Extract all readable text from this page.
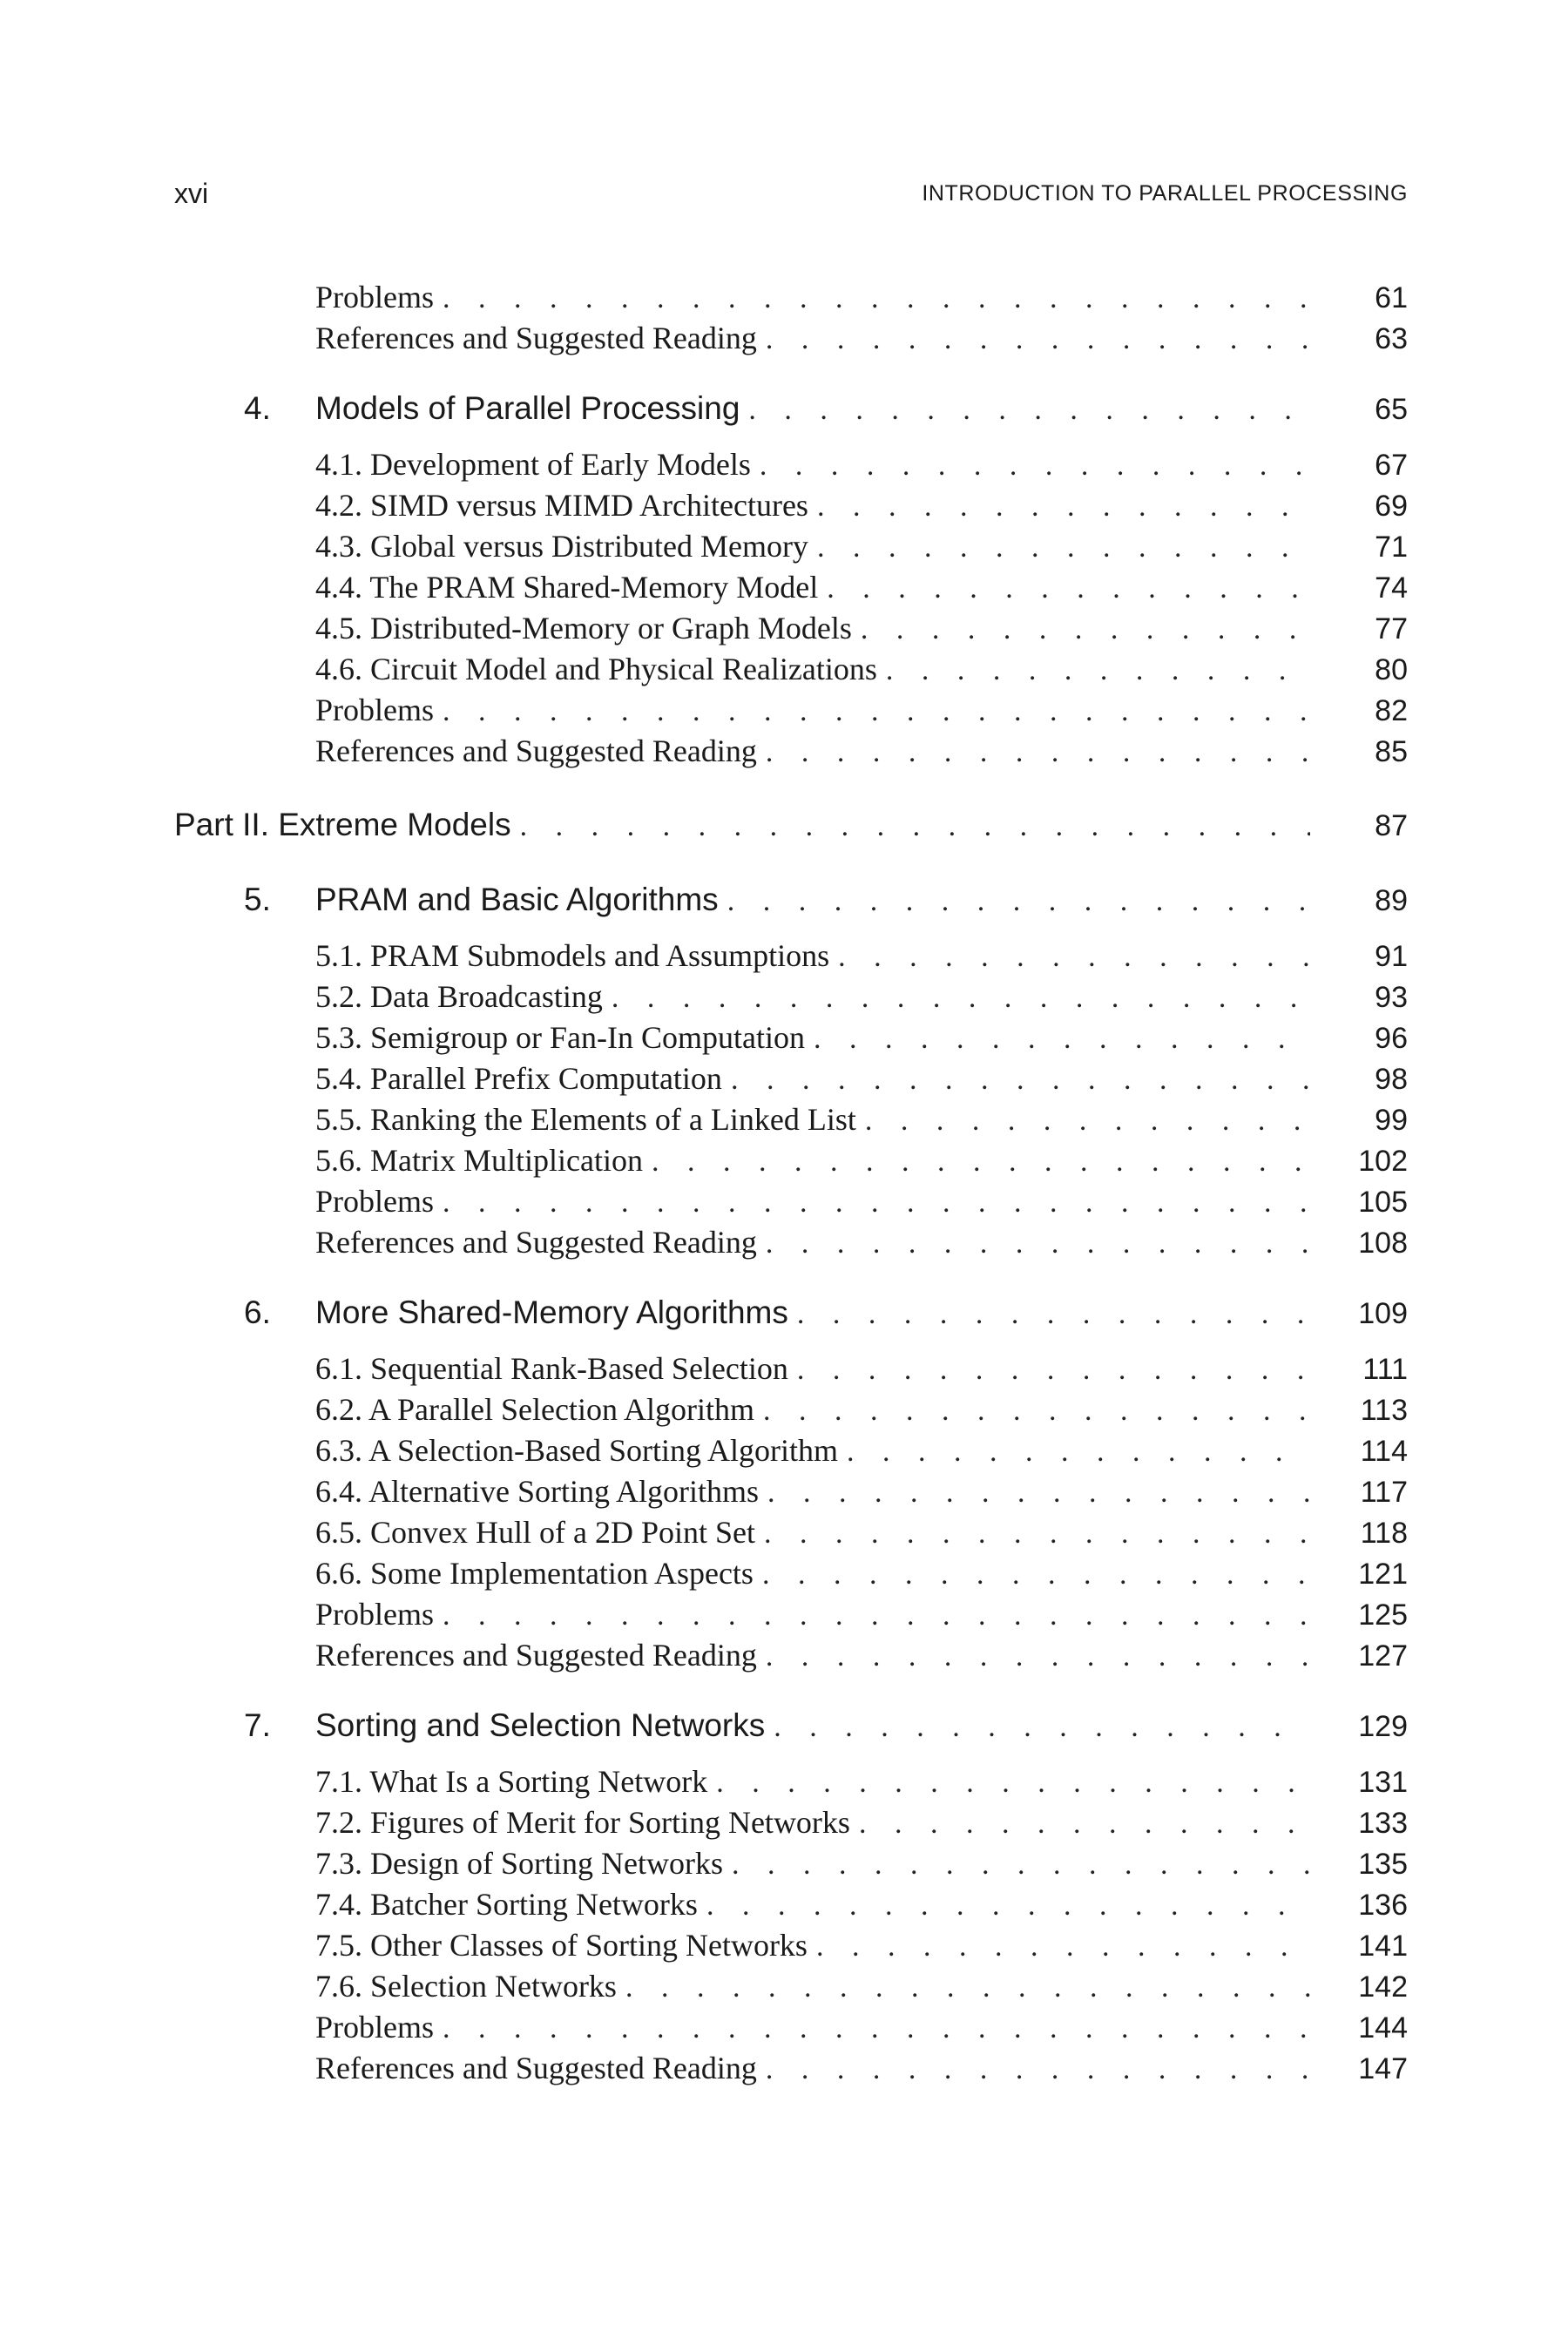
xvi	INTRODUCTION TO PARALLEL PROCESSING
Problems . . .	61
References and Suggested Reading . . .	63
4.	Models of Parallel Processing . . .	65
4.1. Development of Early Models . . .	67
4.2. SIMD versus MIMD Architectures . . .	69
4.3. Global versus Distributed Memory . . .	71
4.4. The PRAM Shared-Memory Model . . .	74
4.5. Distributed-Memory or Graph Models . . .	77
4.6. Circuit Model and Physical Realizations . . .	80
Problems . . .	82
References and Suggested Reading . . .	85
Part II. Extreme Models . . .	87
5.	PRAM and Basic Algorithms . . .	89
5.1. PRAM Submodels and Assumptions . . .	91
5.2. Data Broadcasting . . .	93
5.3. Semigroup or Fan-In Computation . . .	96
5.4. Parallel Prefix Computation . . .	98
5.5. Ranking the Elements of a Linked List . . .	99
5.6. Matrix Multiplication . . .	102
Problems . . .	105
References and Suggested Reading . . .	108
6.	More Shared-Memory Algorithms . . .	109
6.1. Sequential Rank-Based Selection . . .	111
6.2. A Parallel Selection Algorithm . . .	113
6.3. A Selection-Based Sorting Algorithm . . .	114
6.4. Alternative Sorting Algorithms . . .	117
6.5. Convex Hull of a 2D Point Set . . .	118
6.6. Some Implementation Aspects . . .	121
Problems . . .	125
References and Suggested Reading . . .	127
7.	Sorting and Selection Networks . . .	129
7.1. What Is a Sorting Network . . .	131
7.2. Figures of Merit for Sorting Networks . . .	133
7.3. Design of Sorting Networks . . .	135
7.4. Batcher Sorting Networks . . .	136
7.5. Other Classes of Sorting Networks . . .	141
7.6. Selection Networks . . .	142
Problems . . .	144
References and Suggested Reading . . .	147
